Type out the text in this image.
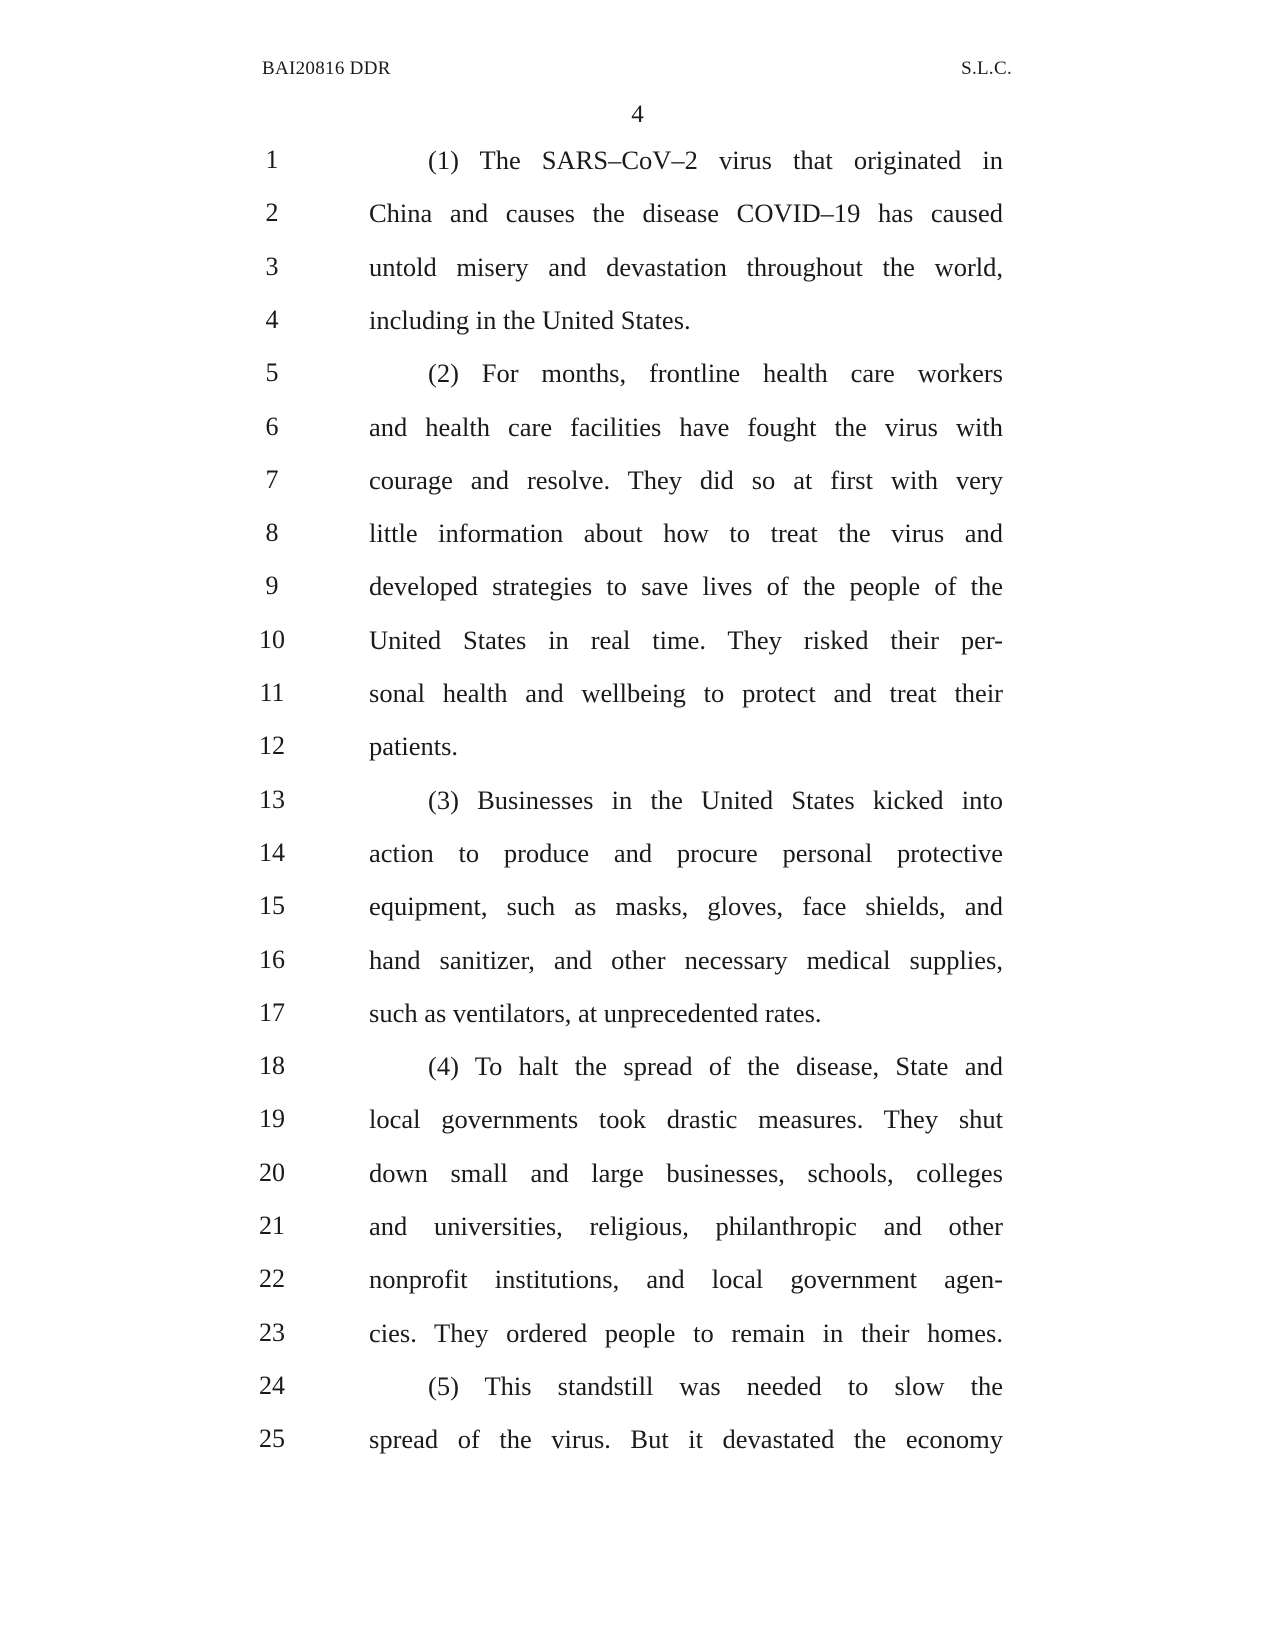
BAI20816 DDR	S.L.C.
4
1	(1) The SARS–CoV–2 virus that originated in
2	China and causes the disease COVID–19 has caused
3	untold misery and devastation throughout the world,
4	including in the United States.
5	(2) For months, frontline health care workers
6	and health care facilities have fought the virus with
7	courage and resolve. They did so at first with very
8	little information about how to treat the virus and
9	developed strategies to save lives of the people of the
10	United States in real time. They risked their per-
11	sonal health and wellbeing to protect and treat their
12	patients.
13	(3) Businesses in the United States kicked into
14	action to produce and procure personal protective
15	equipment, such as masks, gloves, face shields, and
16	hand sanitizer, and other necessary medical supplies,
17	such as ventilators, at unprecedented rates.
18	(4) To halt the spread of the disease, State and
19	local governments took drastic measures. They shut
20	down small and large businesses, schools, colleges
21	and universities, religious, philanthropic and other
22	nonprofit institutions, and local government agen-
23	cies. They ordered people to remain in their homes.
24	(5) This standstill was needed to slow the
25	spread of the virus. But it devastated the economy
